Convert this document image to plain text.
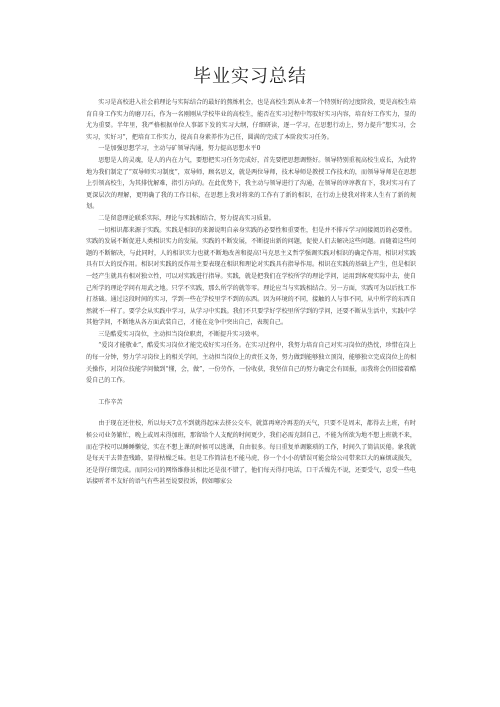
毕业实习总结

实习是高校进入社会前理论与实际结合的最好的熬炼机会，也是高校生到从业者一个特别好的过度阶段，更是高校生培育自身工作实力的磨刀石，作为一名刚刚从学校毕业的高校生，能否在实习过程中驾驭好实习内容，培育好工作实力，显的尤为重要。半年里，我严格根据单位人事部下发的实习大纲，仔细研读，逐一学习，在思想行动上，努力提升“想实习，会实习，实好习”，把培育工作实力，提高自身素养作为己任，圆满的完成了本阶段实习任务。

一是加强思想学习，主动与矿领导沟通，努力提高思想水平0

思想是人的灵魂，是人的内在力气，要想把实习任务完成好，首先要把思想调整好。领导特别重视高校生成长，为此特地为我们制定了“双导师实习制度”，双导师，顾名思义，就是两位导师，技术导师是教授工作技术的，而领导导师是在思想上引领高校生，为其排忧解难，指引方向的。在此优势下，我主动与领导进行了沟通，在领导的谆谆教育下，我对实习有了更深层次的理解，更明确了我的工作目标，在思想上我对将来的工作有了新的相识，在行动上使我对将来人生有了新的规划。

二是留意理论联系实际，理论与实践相结合，努力提高实习质量。

一切相识都来源于实践。实践是相识的来源说明自亲身实践的必要性和重要性，但是并不排斥学习间接阅历的必要性。实践的发展不断促进人类相识实力的发展。实践的不断发展，不断提出新的问题，促使人们去解决这些问题。而随着这些问题的不断解决，与此同时，人的相识实力也就不断地改善和提高!马克思主义哲学强调实践对相识的确定作用，相识对实践具有巨大的反作用。相识对实践的反作用主要表现在相识和理论对实践具有指导作用。相识在实践的基础上产生，但是相识一经产生就具有相对独立性，可以对实践进行指导。实践，就是把我们在学校所学的理论学问，运用到客观实际中去，使自己所学的理论学问有用武之地。只学不实践，那么所学的就等零。理论应当与实践相结合。另一方面，实践可为以后找工作打基础。通过这段时间的实习，学到一些在学校里学不到的东西。因为环境的不同，接触的人与事不同，从中所学的东西自然就不一样了。要学会从实践中学习，从学习中实践。我们不只要学好学校里所学到的学问，还要不断从生活中，实践中学其他学问，不断地从各方面武装自己，才能在竞争中突出自己，表现自己。

三是酷爱实习岗位，主动担当岗位职责，不断提升实习效率。

“爱岗才能敬业”，酷爱实习岗位才能完成好实习任务。在实习过程中，我努力培育自己对实习岗位的热忱，珍惜在岗上的每一分钟，努力学习岗位上的相关学问，主动担当岗位上的责任义务，努力做到能够独立顶岗，能够独立完成岗位上的相关操作，对岗位技能学问做到“懂，会，做”，一份劳作，一份收获，我坚信自己的努力确定会有回报，而我将会仍旧接着酷爱自己的工作。

工作辛苦

由于现在还住校，所以每天7点不到就得起床去挤公交车，就算再寒冷再差的天气，只要不是周末，都得去上班，有时候公司业务繁忙，晚上或周末得加班，那留给个人支配的时间更少，我们必需克制自己，不能为所欲为地不想上班就不来，而在学校可以睡睡懒觉，实在不想上课的时候可以逃课，自由很多。每日重复单调繁琐的工作，时间久了简洁厌倦。象我就是每天干去普查残路，显得枯燥乏味。但是工作简洁也不能马虎，你一个小小的错误可能会给公司带来巨大的麻烦或损失，还是得仔细完成。而同公司的网络维修员相比还是很不错了，他们每天得打电话，口干舌燥先不说，还要受气，忍受一些电话接听者不友好的语气有些甚至说要投诉，假如哪家公
